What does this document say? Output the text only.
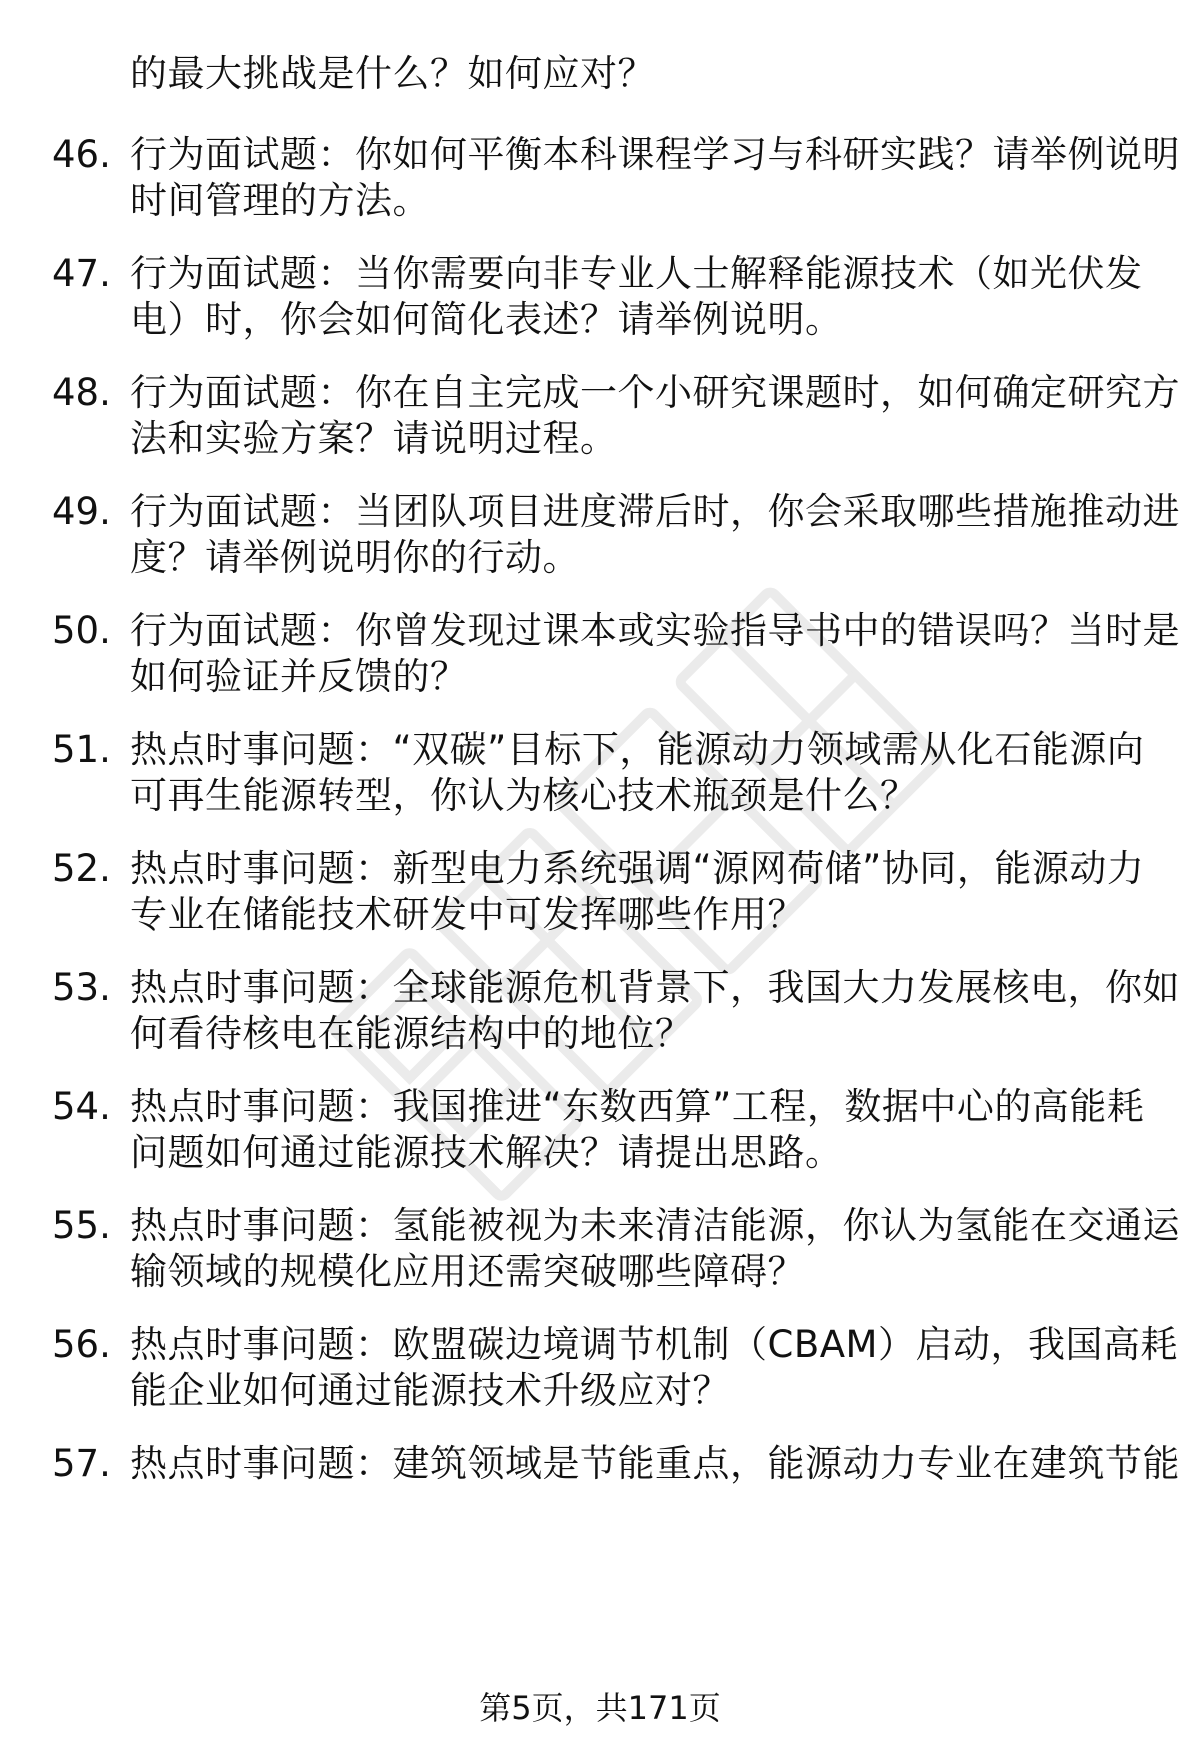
的最大挑战是什么？如何应对？
46. 行为面试题：你如何平衡本科课程学习与科研实践？请举例说明
时间管理的方法。
47. 行为面试题：当你需要向非专业人士解释能源技术（如光伏发
电）时，你会如何简化表述？请举例说明。
48. 行为面试题：你在自主完成一个小研究课题时，如何确定研究方
法和实验方案？请说明过程。
49. 行为面试题：当团队项目进度滞后时，你会采取哪些措施推动进
度？请举例说明你的行动。
50. 行为面试题：你曾发现过课本或实验指导书中的错误吗？当时是
如何验证并反馈的？
51. 热点时事问题：“双碳”目标下，能源动力领域需从化石能源向
可再生能源转型，你认为核心技术瓶颈是什么？
52. 热点时事问题：新型电力系统强调“源网荷储”协同，能源动力
专业在储能技术研发中可发挥哪些作用？
53. 热点时事问题：全球能源危机背景下，我国大力发展核电，你如
何看待核电在能源结构中的地位？
54. 热点时事问题：我国推进“东数西算”工程，数据中心的高能耗
问题如何通过能源技术解决？请提出思路。
55. 热点时事问题：氢能被视为未来清洁能源，你认为氢能在交通运
输领域的规模化应用还需突破哪些障碍？
56. 热点时事问题：欧盟碳边境调节机制（CBAM）启动，我国高耗
能企业如何通过能源技术升级应对？
57. 热点时事问题：建筑领域是节能重点，能源动力专业在建筑节能
第5页，共171页
